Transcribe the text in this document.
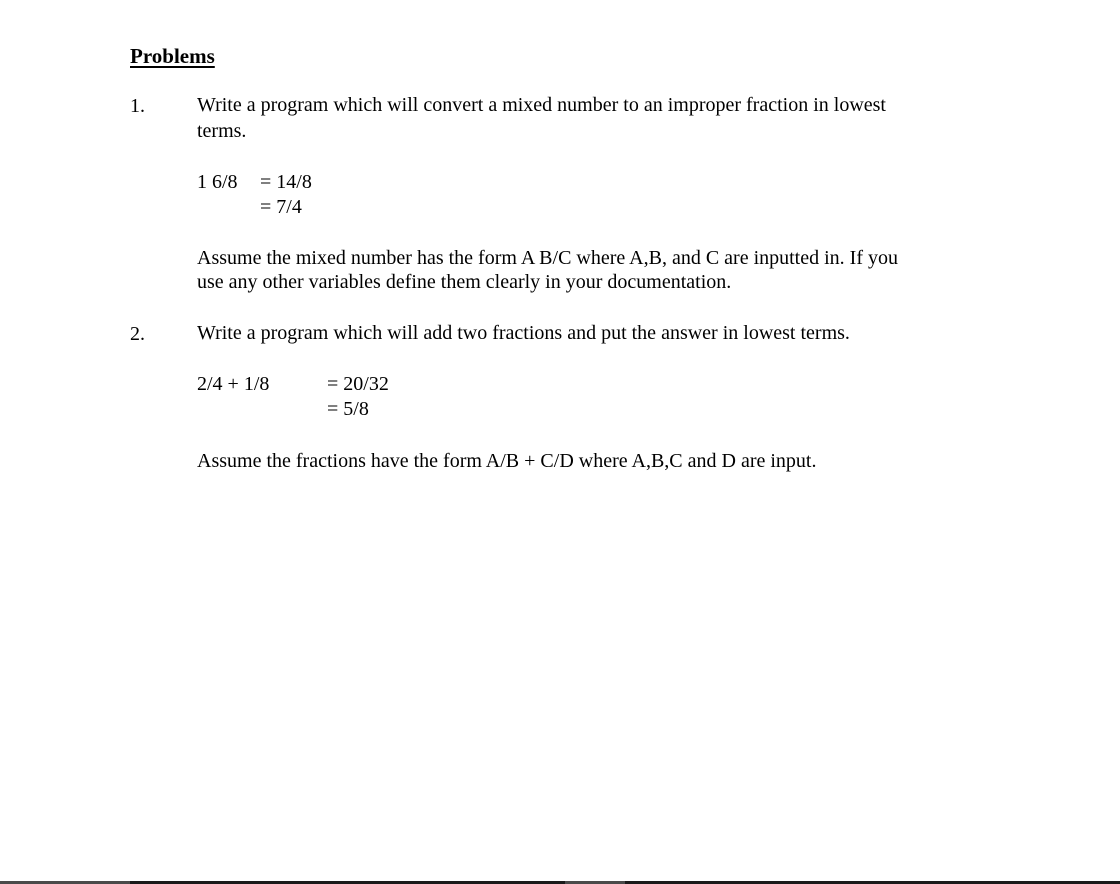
Problems
1.	Write a program which will convert a mixed number to an improper fraction in lowest
terms.
1 6/8 = 14/8
= 7/4
Assume the mixed number has the form A B/C where A,B, and C are inputted in. If you
use any other variables define them clearly in your documentation.
2.	Write a program which will add two fractions and put the answer in lowest terms.
2/4 + 1/8	= 20/32
= 5/8
Assume the fractions have the form A/B + C/D where A,B,C and D are input.
